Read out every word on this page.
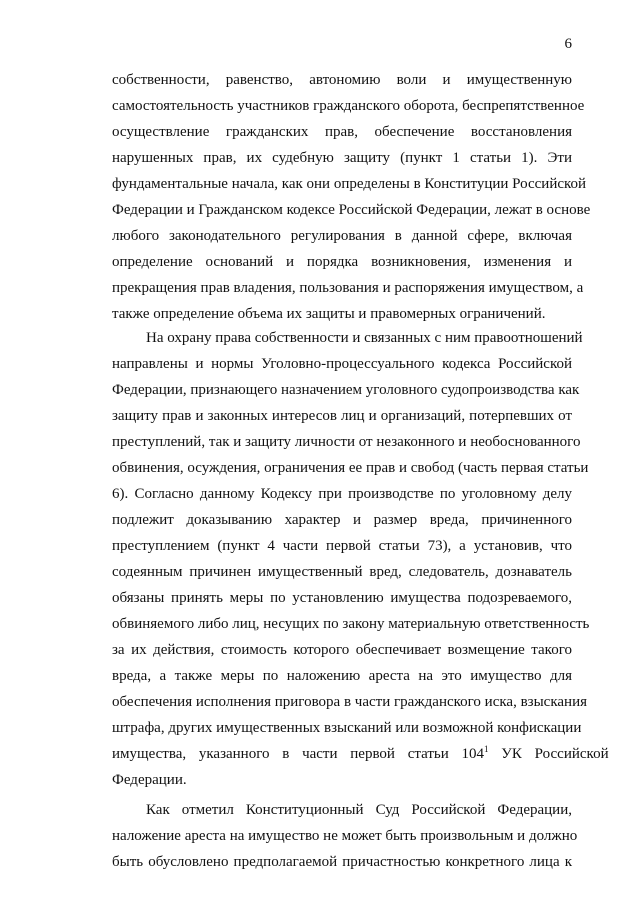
6
собственности, равенство, автономию воли и имущественную
самостоятельность участников гражданского оборота, беспрепятственное
осуществление гражданских прав, обеспечение восстановления
нарушенных прав, их судебную защиту (пункт 1 статьи 1). Эти
фундаментальные начала, как они определены в Конституции Российской
Федерации и Гражданском кодексе Российской Федерации, лежат в основе
любого законодательного регулирования в данной сфере, включая
определение оснований и порядка возникновения, изменения и
прекращения прав владения, пользования и распоряжения имуществом, а
также определение объема их защиты и правомерных ограничений.
На охрану права собственности и связанных с ним правоотношений
направлены и нормы Уголовно-процессуального кодекса Российской
Федерации, признающего назначением уголовного судопроизводства как
защиту прав и законных интересов лиц и организаций, потерпевших от
преступлений, так и защиту личности от незаконного и необоснованного
обвинения, осуждения, ограничения ее прав и свобод (часть первая статьи
6). Согласно данному Кодексу при производстве по уголовному делу
подлежит доказыванию характер и размер вреда, причиненного
преступлением (пункт 4 части первой статьи 73), а установив, что
содеянным причинен имущественный вред, следователь, дознаватель
обязаны принять меры по установлению имущества подозреваемого,
обвиняемого либо лиц, несущих по закону материальную ответственность
за их действия, стоимость которого обеспечивает возмещение такого
вреда, а также меры по наложению ареста на это имущество для
обеспечения исполнения приговора в части гражданского иска, взыскания
штрафа, других имущественных взысканий или возможной конфискации
имущества, указанного в части первой статьи $104^1$ УК Российской
Федерации.
Как отметил Конституционный Суд Российской Федерации,
наложение ареста на имущество не может быть произвольным и должно
быть обусловлено предполагаемой причастностью конкретного лица к
